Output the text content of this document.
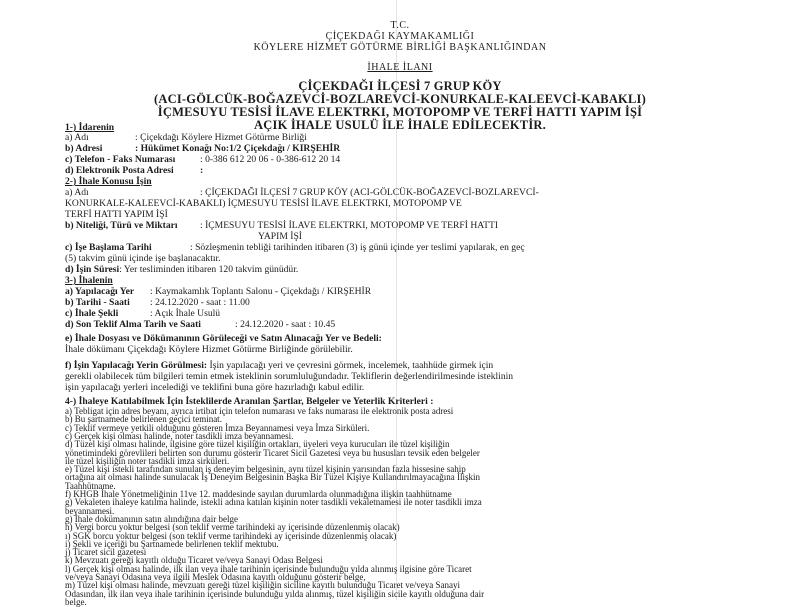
T.C.
ÇİÇEKDAĞI KAYMAKAMLIĞI
KÖYLERE HİZMET GÖTÜRME BİRLİĞİ BAŞKANLIĞINDAN
İHALE İLANI
ÇİÇEKDAĞI İLÇESİ 7 GRUP KÖY
(ACI-GÖLCÜK-BOĞAZEVCİ-BOZLAREVCİ-KONURKALE-KALEEVCİ-KABAKLI)
İÇMESUYU TESİSİ İLAVE ELEKTRKI, MOTOPOMP VE TERFİ HATTI YAPIM İŞİ
AÇIK İHALE USULÜ İLE İHALE EDİLECEKTİR.
1-) İdarenin
a) Adı	: Çiçekdağı Köylere Hizmet Götürme Birliği
b) Adresi	: Hükümet Konağı No:1/2 Çiçekdağı / KIRŞEHİR
c) Telefon - Faks Numarası	: 0-386 612 20 06 - 0-386-612 20 14
d) Elektronik Posta Adresi	:
2-) İhale Konusu İşin
a) Adı	: ÇİÇEKDAĞI İLÇESİ 7 GRUP KÖY (ACI-GÖLCÜK-BOĞAZEVCİ-BOZLAREVCİ-
KONURKALE-KALEEVCİ-KABAKLI) İÇMESUYU TESİSİ İLAVE ELEKTRKI, MOTOPOMP VE
TERFİ HATTI YAPIM İŞİ
b) Niteliği, Türü ve Miktarı : İÇMESUYU TESİSİ İLAVE ELEKTRKI, MOTOPOMP VE TERFİ HATTI
YAPIM İŞİ
c) İşe Başlama Tarihi	: Sözleşmenin tebliği tarihinden itibaren (3) iş günü içinde yer teslimi yapılarak, en geç
(5) takvim günü içinde işe başlanacaktır.
d) İşin Süresi: Yer tesliminden itibaren 120 takvim günüdür.
3-) İhalenin
a) Yapılacağı Yer : Kaymakamlık Toplantı Salonu - Çiçekdağı / KIRŞEHİR
b) Tarihi - Saati : 24.12.2020 - saat : 11.00
c) İhale Şekli	: Açık İhale Usulü
d) Son Teklif Alma Tarih ve Saati	: 24.12.2020 - saat : 10.45
e) İhale Dosyası ve Dökümanının Görüleceği ve Satın Alınacağı Yer ve Bedeli:
İhale dökümanı Çiçekdağı Köylere Hizmet Götürme Birliğinde görülebilir.
f) İşin Yapılacağı Yerin Görülmesi: İşin yapılacağı yeri ve çevresini görmek, incelemek, taahhüde girmek için
gerekli olabilecek tüm bilgileri temin etmek isteklinin sorumluluğundadır. Tekliflerin değerlendirilmesinde isteklinin
işin yapılacağı yerleri incelediği ve tekliﬁni buna göre hazırladığı kabul edilir.
4-) İhaleye Katılabilmek İçin İsteklilerde Aranılan Şartlar, Belgeler ve Yeterlik Kriterleri :
a) Tebligat için adres beyanı, ayrıca irtibat için telefon numarası ve faks numarası ile elektronik posta adresi
b) Bu şartnamede belirlenen geçici teminat.
c) Teklif vermeye yetkili olduğunu gösteren İmza Beyannamesi veya İmza Sirküleri.
c) Gerçek kişi olması halinde, noter tasdikli imza beyannamesi.
d) Tüzel kişi olması halinde, ilgisine göre tüzel kişiliğin ortakları, üyeleri veya kurucuları ile tüzel kişiliğin
yönetimindeki görevlileri belirten son durumu gösterir Ticaret Sicil Gazetesi veya bu hususları tevsik eden belgeler
ile tüzel kişiliğin noter tasdikli imza sirküleri.
e) Tüzel kişi istekli tarafından sunulan iş deneyim belgesinin, aynı tüzel kişinin yarısından fazla hissesine sahip
ortağına ait olması halinde sunulacak İş Deneyim Belgesinin Başka Bir Tüzel Kişiye Kullandırılmayacağına İlişkin
Taahhütname.
f) KHGB İhale Yönetmeliğinin 11ve 12. maddesinde sayılan durumlarda olunmadığına ilişkin taahhütname
g) Vekaleten ihaleye katılma halinde, istekli adına katılan kişinin noter tasdikli vekaletnamesi ile noter tasdikli imza
beyannamesi.
g) İhale dokümanının satın alındığına dair belge
h) Vergi borcu yoktur belgesi (son teklif verme tarihindeki ay içerisinde düzenlenmiş olacak)
ı) SGK borcu yoktur belgesi (son teklif verme tarihindeki ay içerisinde düzenlenmiş olacak)
i) Şekli ve içeriği bu Şartnamede belirlenen teklif mektubu.
j) Ticaret sicil gazetesi
k) Mevzuatı gereği kayıtlı olduğu Ticaret ve/veya Sanayi Odası Belgesi
l) Gerçek kişi olması halinde, ilk ilan veya ihale tarihinin içerisinde bulunduğu yılda alınmış ilgisine göre Ticaret
ve/veya Sanayi Odasına veya ilgili Meslek Odasına kayıtlı olduğunu gösterir belge,
m) Tüzel kişi olması halinde, mevzuatı gereği tüzel kişiliğin siciline kayıtlı bulunduğu Ticaret ve/veya Sanayi
Odasından, ilk ilan veya ihale tarihinin içerisinde bulunduğu yılda alınmış, tüzel kişiliğin sicile kayıtlı olduğuna dair
belge.
